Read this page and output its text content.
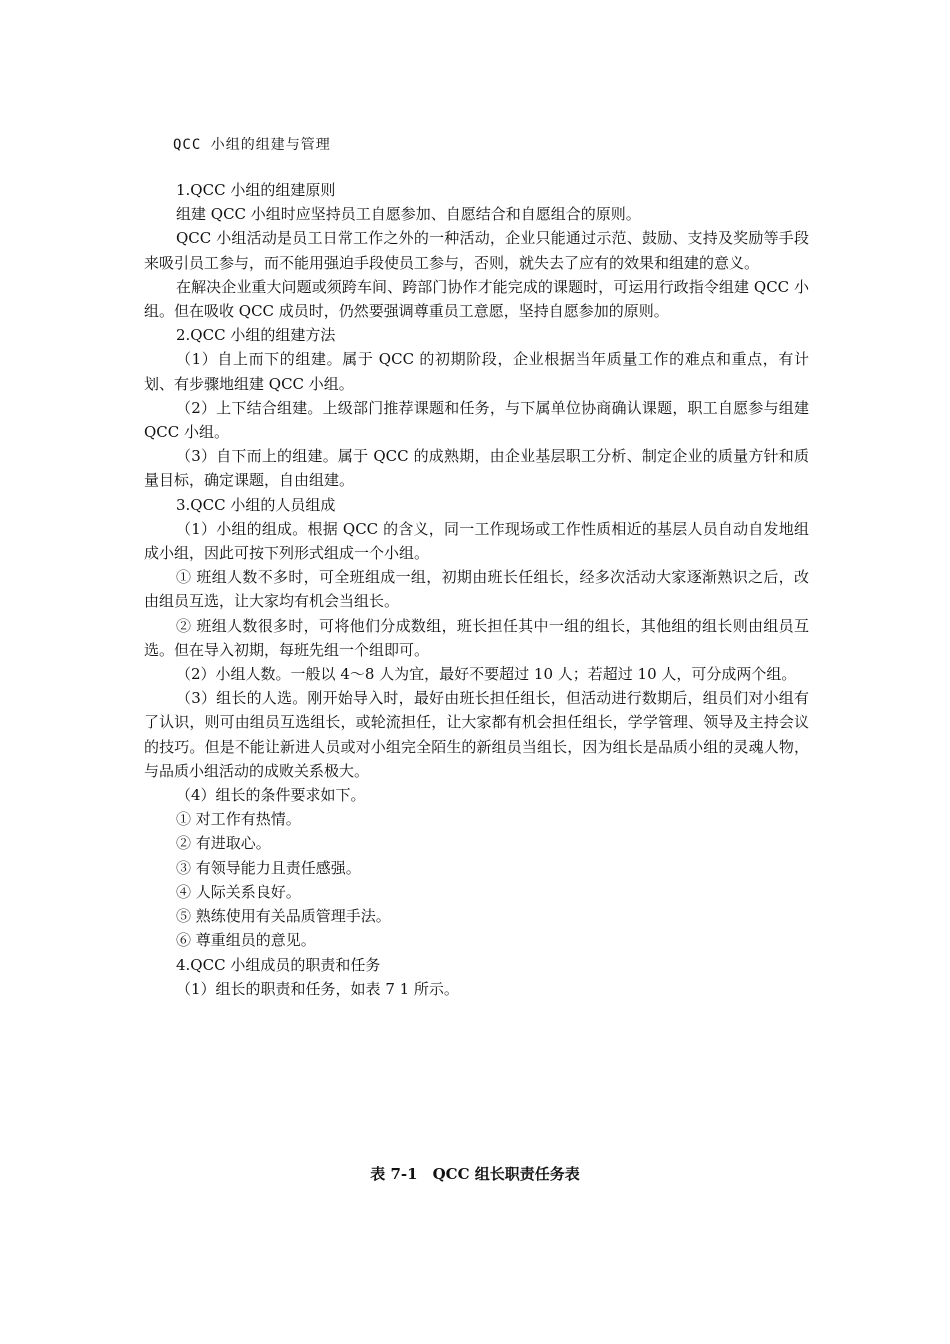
QCC 小组的组建与管理

1.QCC 小组的组建原则

组建 QCC 小组时应坚持员工自愿参加、自愿结合和自愿组合的原则。

QCC 小组活动是员工日常工作之外的一种活动，企业只能通过示范、鼓励、支持及奖励等手段来吸引员工参与，而不能用强迫手段使员工参与，否则，就失去了应有的效果和组建的意义。

在解决企业重大问题或须跨车间、跨部门协作才能完成的课题时，可运用行政指令组建 QCC 小组。但在吸收 QCC 成员时，仍然要强调尊重员工意愿，坚持自愿参加的原则。

2.QCC 小组的组建方法

（1）自上而下的组建。属于 QCC 的初期阶段，企业根据当年质量工作的难点和重点，有计划、有步骤地组建 QCC 小组。

（2）上下结合组建。上级部门推荐课题和任务，与下属单位协商确认课题，职工自愿参与组建 QCC 小组。

（3）自下而上的组建。属于 QCC 的成熟期，由企业基层职工分析、制定企业的质量方针和质量目标，确定课题，自由组建。

3.QCC 小组的人员组成

（1）小组的组成。根据 QCC 的含义，同一工作现场或工作性质相近的基层人员自动自发地组成小组，因此可按下列形式组成一个小组。

① 班组人数不多时，可全班组成一组，初期由班长任组长，经多次活动大家逐渐熟识之后，改由组员互选，让大家均有机会当组长。

② 班组人数很多时，可将他们分成数组，班长担任其中一组的组长，其他组的组长则由组员互选。但在导入初期，每班先组一个组即可。

（2）小组人数。一般以 4～8 人为宜，最好不要超过 10 人；若超过 10 人，可分成两个组。

（3）组长的人选。刚开始导入时，最好由班长担任组长，但活动进行数期后，组员们对小组有了认识，则可由组员互选组长，或轮流担任，让大家都有机会担任组长，学学管理、领导及主持会议的技巧。但是不能让新进人员或对小组完全陌生的新组员当组长，因为组长是品质小组的灵魂人物，与品质小组活动的成败关系极大。

（4）组长的条件要求如下。

① 对工作有热情。

② 有进取心。

③ 有领导能力且责任感强。

④ 人际关系良好。

⑤ 熟练使用有关品质管理手法。

⑥ 尊重组员的意见。

4.QCC 小组成员的职责和任务

（1）组长的职责和任务，如表 7 1 所示。

表 7-1　QCC 组长职责任务表
